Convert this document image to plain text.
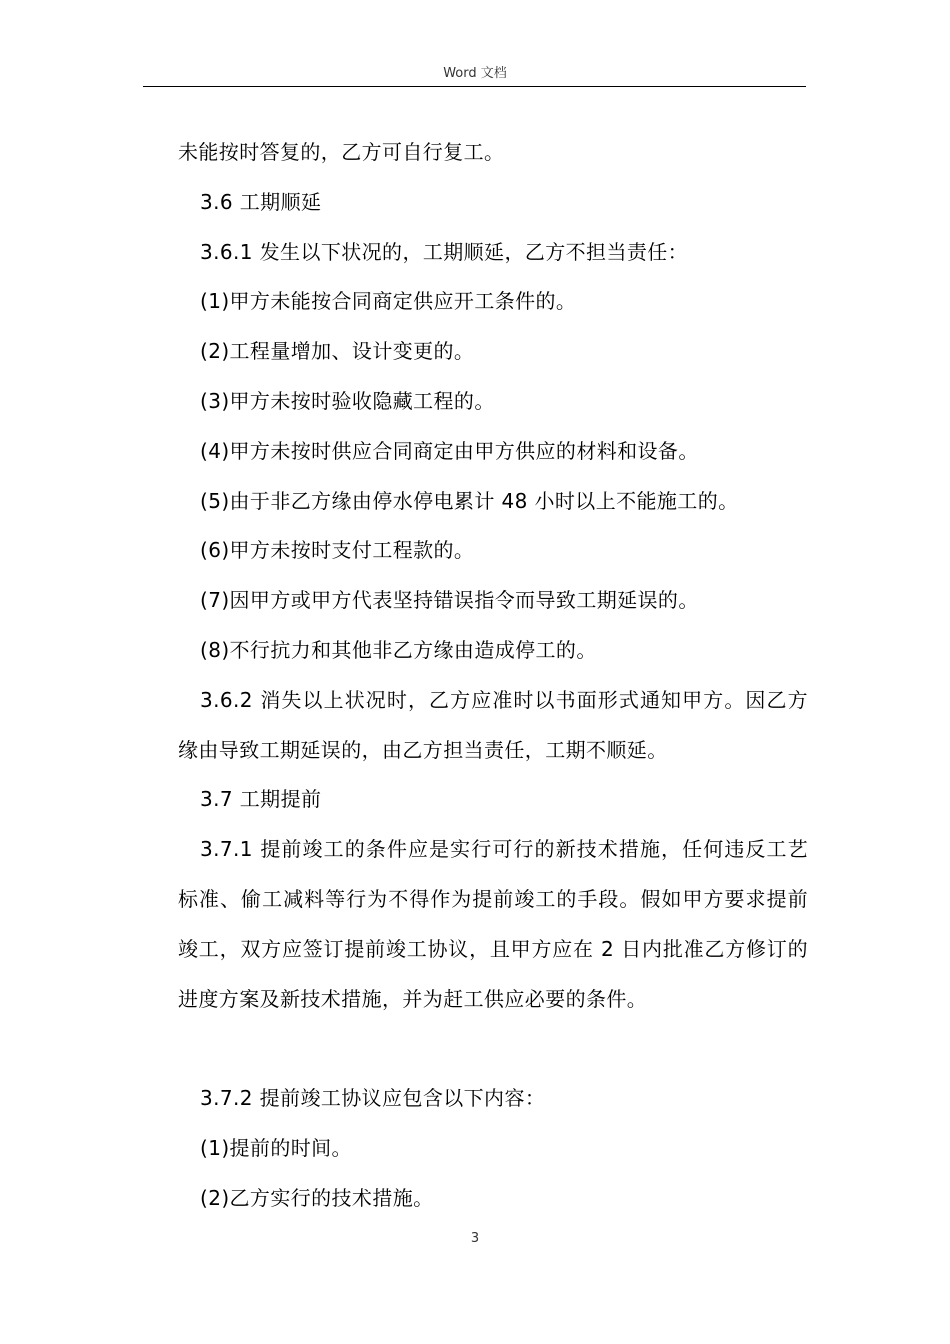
Word 文档

未能按时答复的，乙方可自行复工。

3.6 工期顺延

3.6.1 发生以下状况的，工期顺延，乙方不担当责任：

(1)甲方未能按合同商定供应开工条件的。

(2)工程量增加、设计变更的。

(3)甲方未按时验收隐藏工程的。

(4)甲方未按时供应合同商定由甲方供应的材料和设备。

(5)由于非乙方缘由停水停电累计 48 小时以上不能施工的。

(6)甲方未按时支付工程款的。

(7)因甲方或甲方代表坚持错误指令而导致工期延误的。

(8)不行抗力和其他非乙方缘由造成停工的。

3.6.2 消失以上状况时，乙方应准时以书面形式通知甲方。因乙方缘由导致工期延误的，由乙方担当责任，工期不顺延。

3.7 工期提前

3.7.1 提前竣工的条件应是实行可行的新技术措施，任何违反工艺标准、偷工减料等行为不得作为提前竣工的手段。假如甲方要求提前竣工，双方应签订提前竣工协议，且甲方应在 2 日内批准乙方修订的进度方案及新技术措施，并为赶工供应必要的条件。

3.7.2 提前竣工协议应包含以下内容：

(1)提前的时间。

(2)乙方实行的技术措施。

3
